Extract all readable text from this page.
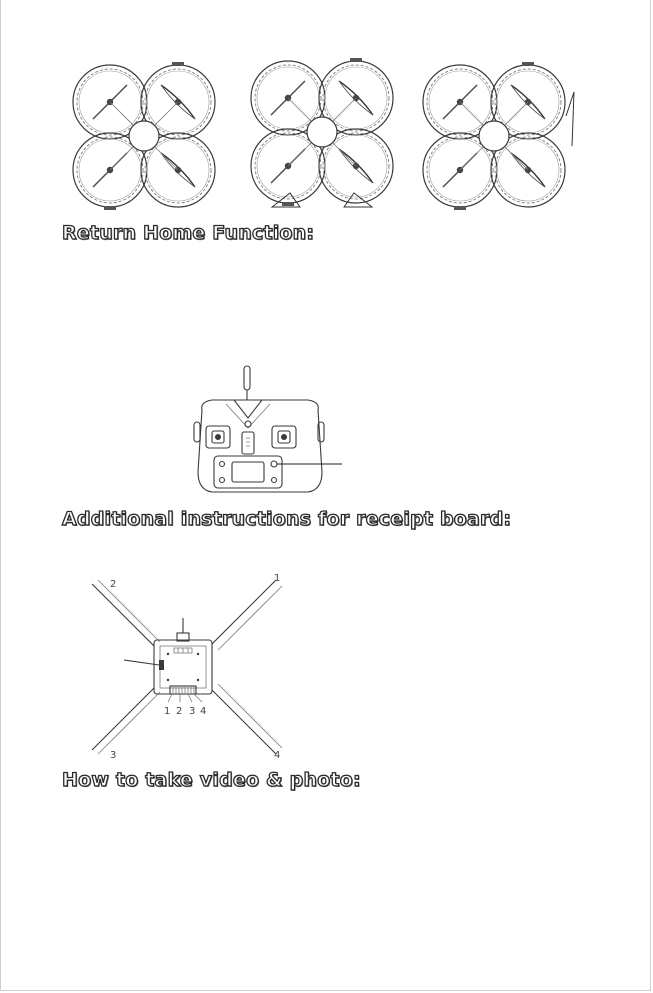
Return Home Function:
Additional instructions for receipt board:
1
2
3	4
1 2 3 4
How to take video & photo:
